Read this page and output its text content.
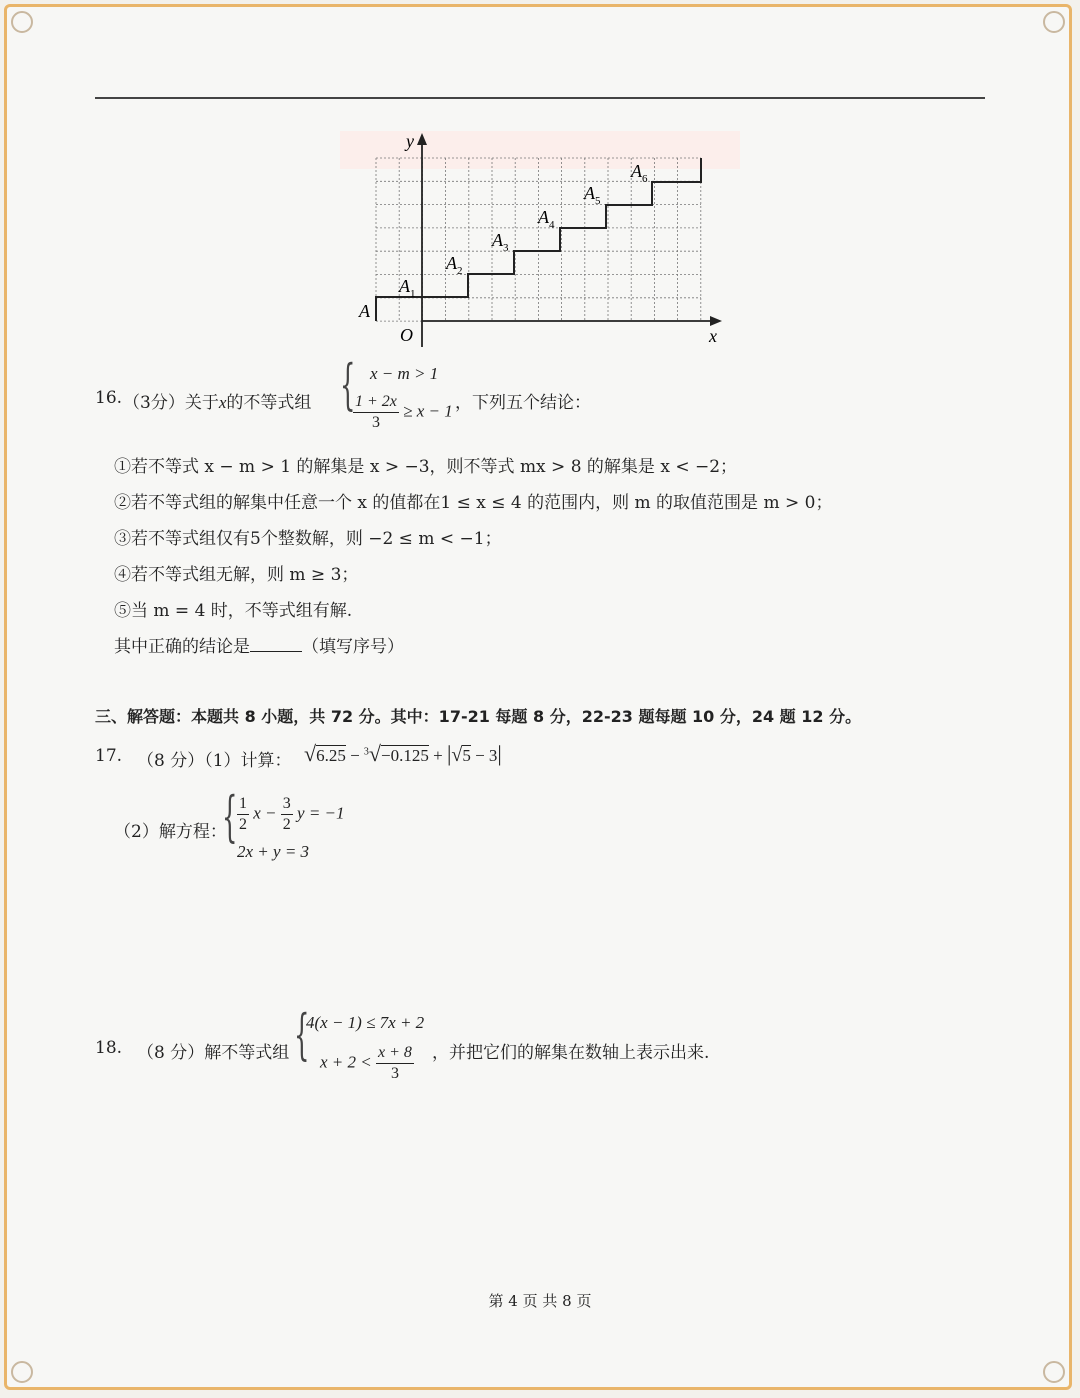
y
x
O
A
$A_1$
$A_2$
$A_3$
$A_4$
$A_5$
$A_6$
16. （3分）关于x的不等式组 { x − m > 1
$\frac{1 + 2x}{3} \ge x - 1$ ，下列五个结论：
①若不等式 x − m > 1 的解集是 x > −3，则不等式 mx > 8 的解集是 x < −2；
②若不等式组的解集中任意一个 x 的值都在1 ≤ x ≤ 4 的范围内，则 m 的取值范围是 m > 0；
③若不等式组仅有5个整数解，则 −2 ≤ m < −1；
④若不等式组无解，则 m ≥ 3；
⑤当 m = 4 时，不等式组有解.
其中正确的结论是	（填写序号）
三、解答题：本题共 8 小题，共 72 分。其中：17-21 每题 8 分，22-23 题每题 10 分，24 题 12 分。
17. （8 分）（1）计算： √6.25 − $^3$√−0.125 + |√5 − 3|
（2）解方程：
{ $\frac{1}{2}$ $x - \frac{3}{2}$ y = −1
2x + y = 3
18. （8 分）解不等式组 {
4(x − 1) ≤ 7x + 2
$x + 2 < \frac{x + 8}{3}$ ，并把它们的解集在数轴上表示出来.
第 4 页 共 8 页
